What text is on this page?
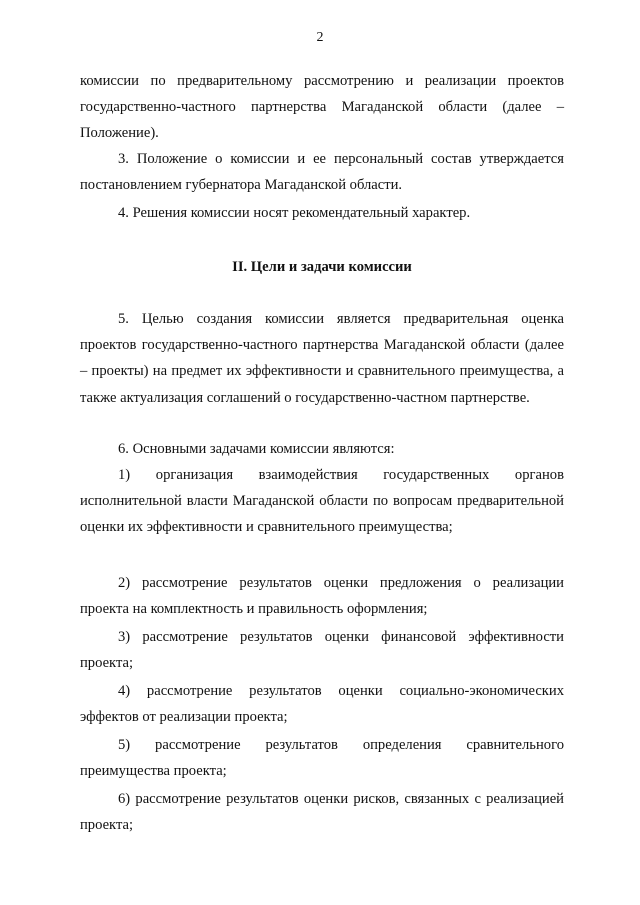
2

комиссии по предварительному рассмотрению и реализации проектов государственно-частного партнерства Магаданской области (далее – Положение).

3. Положение о комиссии и ее персональный состав утверждается постановлением губернатора Магаданской области.

4. Решения комиссии носят рекомендательный характер.

II. Цели и задачи комиссии

5. Целью создания комиссии является предварительная оценка проектов государственно-частного партнерства Магаданской области (далее – проекты) на предмет их эффективности и сравнительного преимущества, а также актуализация соглашений о государственно-частном партнерстве.

6. Основными задачами комиссии являются:

1) организация взаимодействия государственных органов исполнительной власти Магаданской области по вопросам предварительной оценки их эффективности и сравнительного преимущества;

2) рассмотрение результатов оценки предложения о реализации проекта на комплектность и правильность оформления;

3) рассмотрение результатов оценки финансовой эффективности проекта;

4) рассмотрение результатов оценки социально-экономических эффектов от реализации проекта;

5) рассмотрение результатов определения сравнительного преимущества проекта;

6) рассмотрение результатов оценки рисков, связанных с реализацией проекта;
